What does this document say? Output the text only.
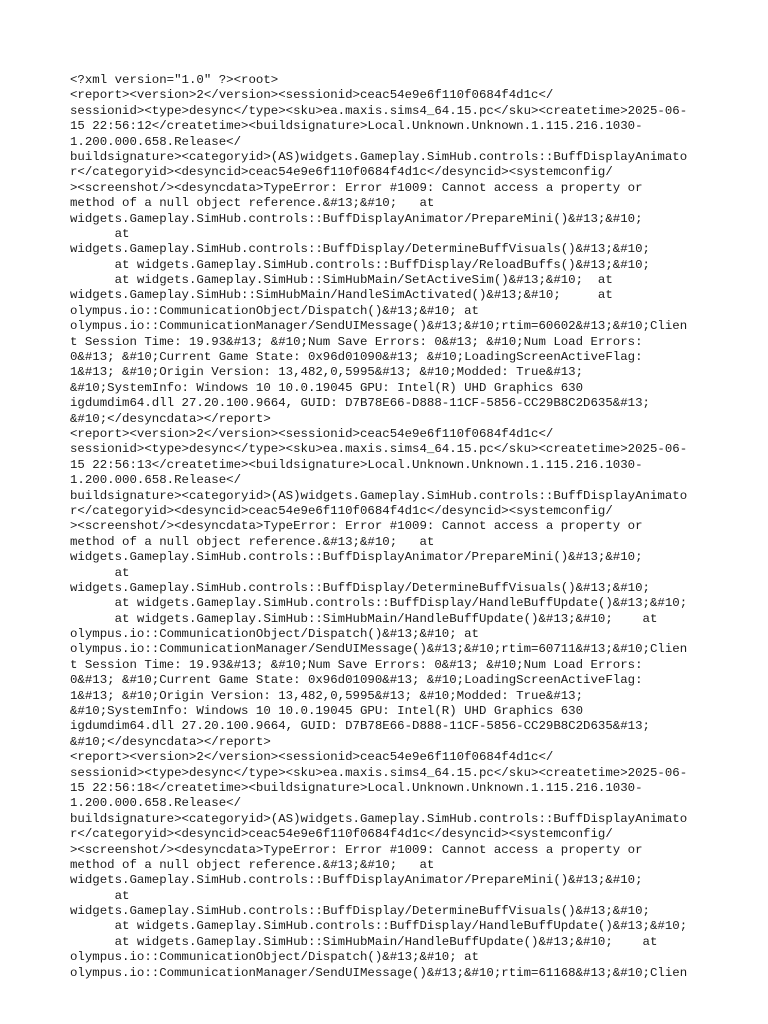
<?xml version="1.0" ?><root>
<report><version>2</version><sessionid>ceac54e9e6f110f0684f4d1c</
sessionid><type>desync</type><sku>ea.maxis.sims4_64.15.pc</sku><createtime>2025-06-
15 22:56:12</createtime><buildsignature>Local.Unknown.Unknown.1.115.216.1030-
1.200.000.658.Release</
buildsignature><categoryid>(AS)widgets.Gameplay.SimHub.controls::BuffDisplayAnimato
r</categoryid><desyncid>ceac54e9e6f110f0684f4d1c</desyncid><systemconfig/
><screenshot/><desyncdata>TypeError: Error #1009: Cannot access a property or
method of a null object reference.&#13;&#10;   at
widgets.Gameplay.SimHub.controls::BuffDisplayAnimator/PrepareMini()&#13;&#10;
at
widgets.Gameplay.SimHub.controls::BuffDisplay/DetermineBuffVisuals()&#13;&#10;
at widgets.Gameplay.SimHub.controls::BuffDisplay/ReloadBuffs()&#13;&#10;
at widgets.Gameplay.SimHub::SimHubMain/SetActiveSim()&#13;&#10;  at
widgets.Gameplay.SimHub::SimHubMain/HandleSimActivated()&#13;&#10;     at
olympus.io::CommunicationObject/Dispatch()&#13;&#10; at
olympus.io::CommunicationManager/SendUIMessage()&#13;&#10;rtim=60602&#13;&#10;Clien
t Session Time: 19.93&#13; &#10;Num Save Errors: 0&#13; &#10;Num Load Errors:
0&#13; &#10;Current Game State: 0x96d01090&#13; &#10;LoadingScreenActiveFlag:
1&#13; &#10;Origin Version: 13,482,0,5995&#13; &#10;Modded: True&#13;
&#10;SystemInfo: Windows 10 10.0.19045 GPU: Intel(R) UHD Graphics 630
igdumdim64.dll 27.20.100.9664, GUID: D7B78E66-D888-11CF-5856-CC29B8C2D635&#13;
&#10;</desyncdata></report>
<report><version>2</version><sessionid>ceac54e9e6f110f0684f4d1c</
sessionid><type>desync</type><sku>ea.maxis.sims4_64.15.pc</sku><createtime>2025-06-
15 22:56:13</createtime><buildsignature>Local.Unknown.Unknown.1.115.216.1030-
1.200.000.658.Release</
buildsignature><categoryid>(AS)widgets.Gameplay.SimHub.controls::BuffDisplayAnimato
r</categoryid><desyncid>ceac54e9e6f110f0684f4d1c</desyncid><systemconfig/
><screenshot/><desyncdata>TypeError: Error #1009: Cannot access a property or
method of a null object reference.&#13;&#10;   at
widgets.Gameplay.SimHub.controls::BuffDisplayAnimator/PrepareMini()&#13;&#10;
at
widgets.Gameplay.SimHub.controls::BuffDisplay/DetermineBuffVisuals()&#13;&#10;
at widgets.Gameplay.SimHub.controls::BuffDisplay/HandleBuffUpdate()&#13;&#10;
at widgets.Gameplay.SimHub::SimHubMain/HandleBuffUpdate()&#13;&#10;    at
olympus.io::CommunicationObject/Dispatch()&#13;&#10; at
olympus.io::CommunicationManager/SendUIMessage()&#13;&#10;rtim=60711&#13;&#10;Clien
t Session Time: 19.93&#13; &#10;Num Save Errors: 0&#13; &#10;Num Load Errors:
0&#13; &#10;Current Game State: 0x96d01090&#13; &#10;LoadingScreenActiveFlag:
1&#13; &#10;Origin Version: 13,482,0,5995&#13; &#10;Modded: True&#13;
&#10;SystemInfo: Windows 10 10.0.19045 GPU: Intel(R) UHD Graphics 630
igdumdim64.dll 27.20.100.9664, GUID: D7B78E66-D888-11CF-5856-CC29B8C2D635&#13;
&#10;</desyncdata></report>
<report><version>2</version><sessionid>ceac54e9e6f110f0684f4d1c</
sessionid><type>desync</type><sku>ea.maxis.sims4_64.15.pc</sku><createtime>2025-06-
15 22:56:18</createtime><buildsignature>Local.Unknown.Unknown.1.115.216.1030-
1.200.000.658.Release</
buildsignature><categoryid>(AS)widgets.Gameplay.SimHub.controls::BuffDisplayAnimato
r</categoryid><desyncid>ceac54e9e6f110f0684f4d1c</desyncid><systemconfig/
><screenshot/><desyncdata>TypeError: Error #1009: Cannot access a property or
method of a null object reference.&#13;&#10;   at
widgets.Gameplay.SimHub.controls::BuffDisplayAnimator/PrepareMini()&#13;&#10;
at
widgets.Gameplay.SimHub.controls::BuffDisplay/DetermineBuffVisuals()&#13;&#10;
at widgets.Gameplay.SimHub.controls::BuffDisplay/HandleBuffUpdate()&#13;&#10;
at widgets.Gameplay.SimHub::SimHubMain/HandleBuffUpdate()&#13;&#10;    at
olympus.io::CommunicationObject/Dispatch()&#13;&#10; at
olympus.io::CommunicationManager/SendUIMessage()&#13;&#10;rtim=61168&#13;&#10;Clien
